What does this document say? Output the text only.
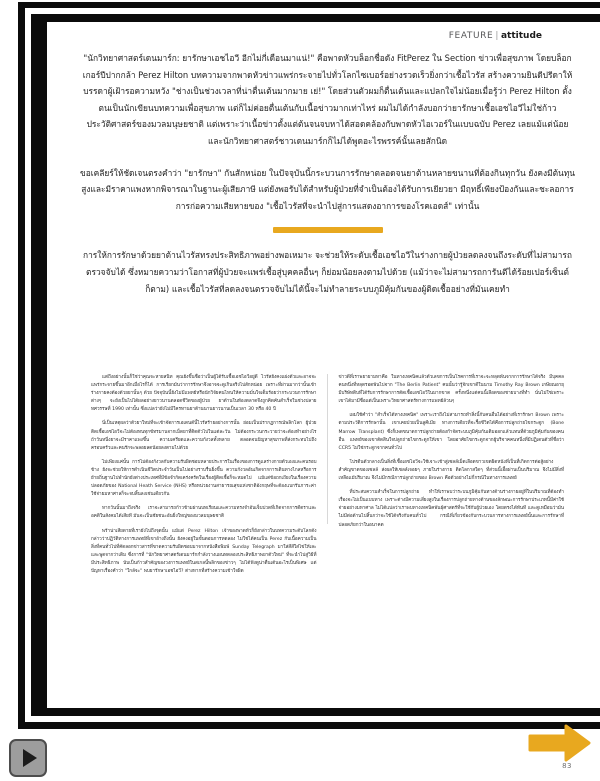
FEATURE | attitude

"นักวิทยาศาสตร์เดนมาร์ก: ยารักษาเอชไอวี อีกไม่กี่เดือนมาแน่!" คือพาดหัวบล็อกชื่อดัง FitPerez ใน Section ข่าวเพื่อสุขภาพ โดยบล็อกเกอร์ปีปากกล้า Perez Hilton บทความจากพาดหัวข่าวแพร่กระจายไปทั่วโลกไซเบอร์อย่างรวดเร็วยิ่งกว่าเชื้อไวรัส สร้างความยินดีปรีดาให้บรรดาผู้เฝ้ารอความหวัง "ช่างเป็นช่วงเวลาที่น่าตื่นเต้นมากมาย เย่!" โดยส่วนตัวผมก็ตื่นเต้นและแปลกใจไม่น้อยเมื่อรู้ว่า Perez Hilton ตั้งตนเป็นนักเขียนบทความเพื่อสุขภาพ แต่ก็ไม่ค่อยตื่นเต้นกับเนื้อข่าวมากเท่าไหร่ ผมไม่ได้กำลังบอกว่ายารักษาเชื้อเอชไอวีไม่ใช่ก้าวประวัติศาสตร์ของมวลมนุษยชาติ แต่เพราะว่าเนื้อข่าวตั้งแต่ต้นจนจบหาได้สอดคล้องกับพาดหัวไอเวอร์ในแบบฉบับ Perez เลยแม้แต่น้อย และนักวิทยาศาสตร์ชาวเดนมาร์กก็ไม่ได้พูดอะไรพรรค์นั้นเลยสักนิด

ขอเคลียร์ให้ชัดเจนตรงคำว่า "ยารักษา" กันสักหน่อย ในปัจจุบันนี้กระบวนการรักษาตลอดจนยาต้านหลายขนานที่ต้องกินทุกวัน ยังคงมีต้นทุนสูงและมีราคาแพงหากพิจารณาในฐานะผู้เสียภาษี แต่ยังพอรับได้สำหรับผู้ป่วยที่จำเป็นต้องได้รับการเยียวยา มีฤทธิ์เพียงป้องกันและชะลอการการก่อความเสียหายของ "เชื้อไวรัสที่จะนำไปสู่การแสดงอาการของโรคเอดส์" เท่านั้น

การให้การรักษาด้วยยาต้านไวรัสทรงประสิทธิภาพอย่างพอเหมาะ จะช่วยให้ระดับเชื้อเอชไอวีในร่างกายผู้ป่วยลดลงจนถึงระดับที่ไม่สามารถตรวจจับได้ ซึ่งหมายความว่าโอกาสที่ผู้ป่วยจะแพร่เชื้อสู่บุคคลอื่นๆ ก็ย่อมน้อยลงตามไปด้วย (แม้ว่าจะไม่สามารถการันตีได้ร้อยเปอร์เซ็นต์ก็ตาม) และเชื้อไวรัสที่ลดลงจนตรวจจับไม่ได้นี้จะไม่ทำลายระบบภูมิคุ้มกันของผู้ติดเชื้ออย่างที่มันเคยทำ

แต่ถึงอย่างนั้นก็ใช่ว่าคุณจะหายสนิท คุณยังขึ้นชื่อว่าเป็นผู้ได้รับเชื้อเอชไอวีอยู่ดี ไวรัสยังคงแฝงตัวและอาจจะแพร่กระจายขึ้นมาอีกเมื่อไรก็ได้ การเรียกมันว่าการรักษาจึงอาจจะดูเกินจริงไปสักหน่อย เพราะที่ผ่านมากว่านั้นเข้าร่างกายคงต้องด้วยยานั้นๆ ด้วย ปัจจุบันนี้ยังไม่มีแพทย์หรือนักวิจัยคนไหนให้ความมั่นใจเต็มร้อยว่ากระบวนการรักษาต่างๆ จะยังเป็นไปได้ผลอย่างยาวนานตลอดชีวิตของผู้ป่วย ยาต้านในท้องตลาดจึงถูกคิดค้นสำเร็จในช่วงปลายทศวรรษที่ 1990 เท่านั้น ซึ่งแปลว่ายังไม่มีใครทานยาต้านนานยาวนานเป็นเวลา 30 หรือ 40 ปี

นี่เป็นเหตุผลว่าตัวยาใหม่ที่จะเข้าจัดการเอเดนต์นี้ไวรัสร้ายอย่างการนั้น ย่อมเป็นปรากฏการณ์พลิกโลก ผู้ป่วยติดเชื้อเอชไอวีจะไม่ต้องทนทุกข์ทรมานจากเม็ดยาที่ติดตัวไปในแต่ละวัน ไม่ต้องกระวนกระวายว่าจะต้องทำอย่างไรถ้าวันหนึ่งยาจะมีราคาแพงขึ้น ความเครียดและความกังวลทั้งหลาย ตลอดจนปัญหาสุขภาพที่ส่งกระทบไปถึงครอบครัวและคนรักจะพลอยลดน้อยลงตามไปด้วย

ไม่เพียงแค่นั้น การไม่ต้องกังวลกับความรับผิดชอบหลายประการในเรื่องของการดูแลร่างกายตัวเองและคนรอบข้าง ยังจะช่วยให้การดำเนินชีวิตประจำวันเป็นไปอย่างราบรื่นยิ่งขึ้น ความกังวลอันเกิดจากการเดินทางไกลหรือการย้ายถิ่นฐานไปพำนักยังต่างประเทศที่มีข้อจำกัดเคร่งครัดในเรื่องผู้ติดเชื้อก็จะหมดไป แม้แต่ข้อถกเถียงในเรื่องความปลอดภัยของ National Heath Service (NHS) หรือหน่วยงานสาธารณสุขแห่งชาติอังกฤษที่จะต้องแบกรับภาระค่าใช้จ่ายมหาศาลก็จะจบสิ้นลงเช่นเดียวกัน

หากวันนั้นมาถึงจริง เราจะสามารถก้าวข้ามผ่านบทเรียนและความทรงจำอันเจ็บปวดที่เกิดจากการตีตราและอคติในสังคมได้เสียที มันจะเป็นชัยชนะอันยิ่งใหญ่ของมวลมนุษยชาติ

พร้าน่าเสียดายที่เรายังไปถึงจุดนั้น แม้แต่ Perez Hilton เจ้าของพาดหัวก็ยังกล่าวในบทความระดับโลกดังกล่าวว่าปฏิวัติทางการแพทย์ที่เขาอ้างถึงนั้น ยังคงอยู่ในขั้นตอนการทดลอง ไม่ใช่ได้คนเป็น Perez กับเนื้อความเป็นสิ่งที่คนทั่วไปที่คัดลอกข่าวสารที่ขาดความรับผิดชอบมาจากหนังสือพิมพ์ Sunday Telegraph มาใส่สีสีใส่ไข่ให้เละและพูดจากว่าเดิม ซึ่งการที่ "นักวิทยาศาสตร์เดนมาร์กกำลังวางแผนทดลองประสิทธิภาพยาตัวใหม่" ที่จะนำไปสู่วิธีที่มีประสิทธิภาพ นับเป็นก้าวสำคัญของวงการแพทย์ในสเกลนี้พลิกของข่าวๆ ไม่ได้ฟังดูน่าตื่นเต้นอะไรเป็นพิเศษ แต่ปัญหาเรื่องคำว่า "ใกล้จะ" พบยารักษาเอชไอวี? ต่างหากที่สร้างความเข้าใจผิด

ข่าวดีที่เราพยายามหาคือ ในทางเทคนิคแล้วตัวเลขการเป็นโรคการที่เราจะจะหลุดพ้นจากการรักษาได้จริง มีบุคคลคนหนึ่งที่หลุดรอดพ้นไปจาก "The Berlin Patient" คนนั้นว่ารู้จักเขาดีในนาม Timothy Ray Brown เกษียณอายุมีบริษัทดิบที่ได้รับการรักษาการตัดเชื้อเอชไอวีในมากขาด ครั้งหนึ่งแต่คนนี้เลือดของชายบางที่ทำ นั่นไม่ใช่เพราะเขาได้มามีชื่อแต่เป็นเพราะวิทยาศาสตร์ทางการแพทย์ล้วนๆ

เผมใช้คำว่า "สำเร็จได้ทางเทคนิค" เพราะเราถึงไม่สามารถทำสิ่งนี้กับคนอื่นได้อย่างที่เรารักษา Brown เพราะตามประวัติการรักษานั้น เขาเคยป่วยเป็นลูคีเมีย ทางการเดียวที่จะรื้อชีวิตได้คือการปลูกถ่ายไขกระดูก (Bone Marrow Transplant) ซึ่งก็เพดขนาดการปลูกถ่ายต้องกำจัดระบบภูมิคุ้มกันเดิมออกแล้วแทนที่ด้วยภูมิคุ้มกันของคนอื่น แพทย์ของเขาตัดสินใจปลูกถ่ายไขกระดูกให้เขา โดยอาศัยไขกระดูกจากผู้บริจาคคนหนึ่งที่มีปฏิเดนตัวที่ชื่อว่า CCR5 ไม่ใช่กระดูกจากคนทั่วไป

โปรตีนตัวกลางเป็นสิ่งที่เชื้อเอชไอวีจะใช้เจาะเข้าสู่เซลล์เม็ดเลือดขาวเขตผิดหนังที่เป็นที่เกิดการต่อสู้อย่างสำคัญขาดของเซลล์ ส่งผลให้เซลล์เจอยๆ ภายในร่างกาย ติดโลกาสใดๆ ที่ส่วนนี้เอื้อผ่านเป็นปริมาณ จึงไม่มีสิ่งที่เหลือแม้ปริมาณ จึงไม่มีกรณีการปลูกถ่ายของ Brown คือตัวอย่างไม่กี่กรณีในทางการแพทย์

ที่ประสบความสำเร็จในการปลูกถ่าย ทำให้เราพบว่าระบบภูมิคุ้มกันทางด้านร่างกายอยู่ที่ในปริมาณที่ต้องทำเรื่องจะไม่เป็นแบบทาง เพราะต่างมีความเสี่ยงสูงในเรื่องการปลูกถ่ายทางด้านของลักษณะการรักษาประเภทนี้มีค่าใช้จ่ายอย่างมหาศาล ไม่ได้แปลว่าเราพบทางเทคนิคพันธุ์ศาสตร์ที่จะใช้กับผู้ป่วยเอง โดยตรงได้ทันที และดูเหมือนว่ามันไม่มีต่อด้านไปสิ้นกว่าจะใช้ได้จริงกับคนทั่วไป กรณีที่เกี่ยวข้องกับกระบวนการทางการแพทย์นั้นและการรักษาที่ปลอดภัยกว่าในอนาคต

83
